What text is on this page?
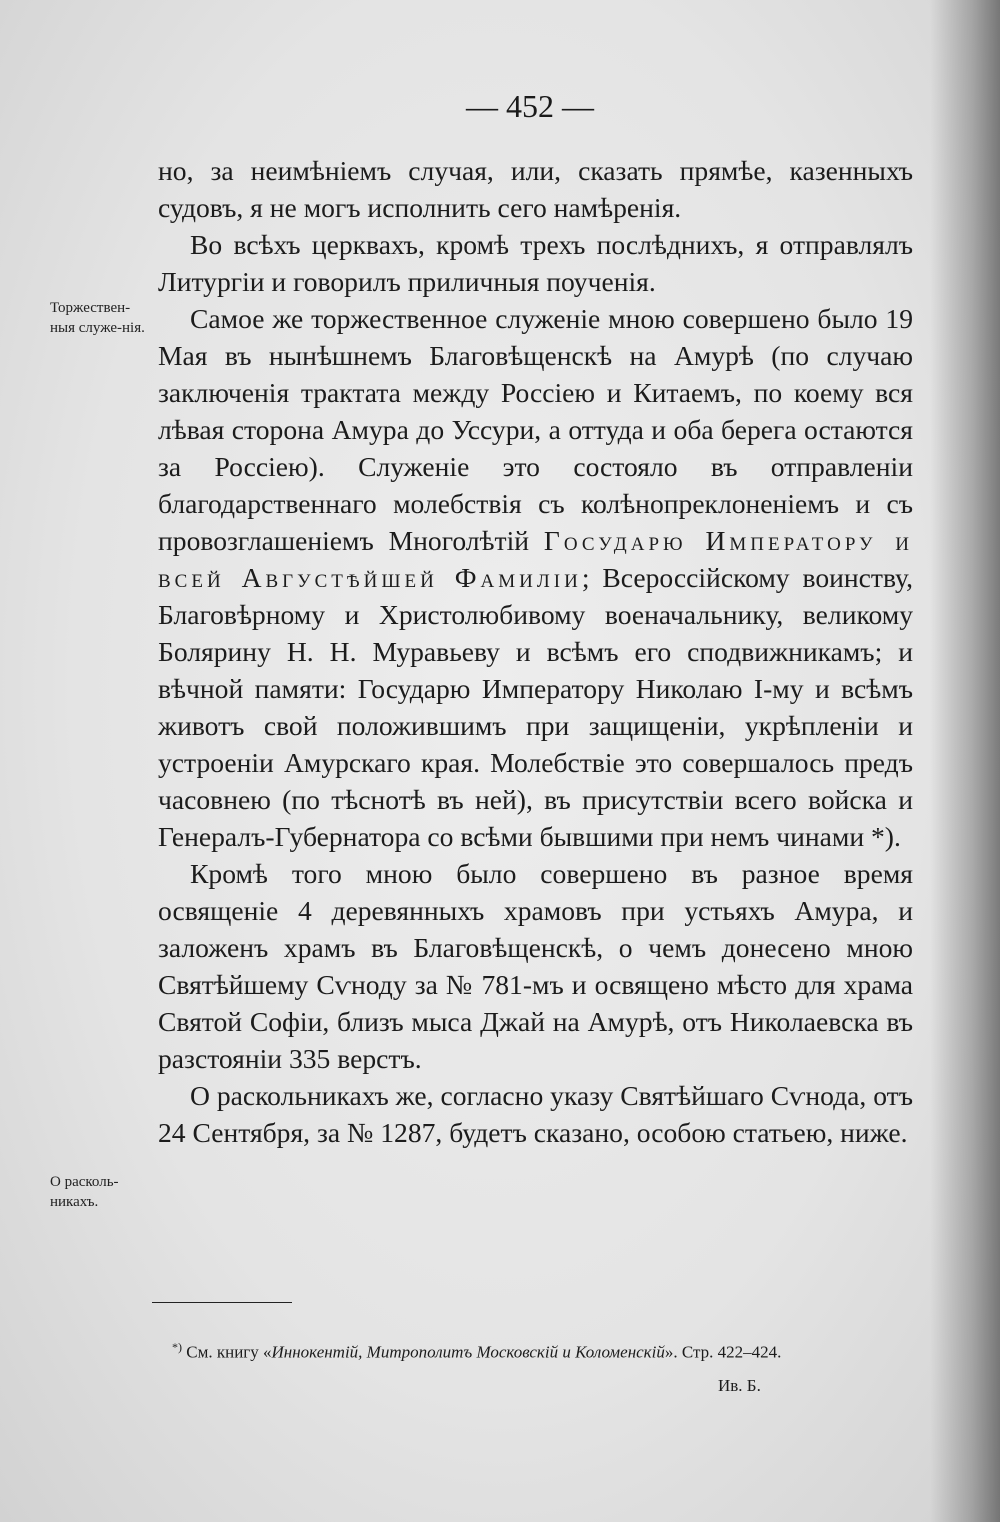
— 452 —
Торжествен-ныя служе-нія.
О расколь-никахъ.

но, за неимѣніемъ случая, или, сказать прямѣе, казенныхъ судовъ, я не могъ исполнить сего намѣренія.

Во всѣхъ церквахъ, кромѣ трехъ послѣднихъ, я отправлялъ Литургіи и говорилъ приличныя поученія.

Самое же торжественное служеніе мною совершено было 19 Мая въ нынѣшнемъ Благовѣщенскѣ на Амурѣ (по случаю заключенія трактата между Россіею и Китаемъ, по коему вся лѣвая сторона Амура до Уссури, а оттуда и оба берега остаются за Россіею). Служеніе это состояло въ отправленіи благодарственнаго молебствія съ колѣнопреклоненіемъ и съ провозглашеніемъ Многолѣтій Государю Императору и всей Августѣйшей Фамиліи; Всероссійскому воинству, Благовѣрному и Христолюбивому военачальнику, великому Болярину Н. Н. Муравьеву и всѣмъ его сподвижникамъ; и вѣчной памяти: Государю Императору Николаю I-му и всѣмъ животъ свой положившимъ при защищеніи, укрѣпленіи и устроеніи Амурскаго края. Молебствіе это совершалось предъ часовнею (по тѣснотѣ въ ней), въ присутствіи всего войска и Генералъ-Губернатора со всѣми бывшими при немъ чинами *).

Кромѣ того мною было совершено въ разное время освященіе 4 деревянныхъ храмовъ при устьяхъ Амура, и заложенъ храмъ въ Благовѣщенскѣ, о чемъ донесено мною Святѣйшему Сѵноду за № 781-мъ и освящено мѣсто для храма Святой Софіи, близъ мыса Джай на Амурѣ, отъ Николаевска въ разстояніи 335 верстъ.

О раскольникахъ же, согласно указу Святѣйшаго Сѵнода, отъ 24 Сентября, за № 1287, будетъ сказано, особою статьею, ниже.

*) См. книгу «Иннокентій, Митрополитъ Московскій и Коломенскій». Стр. 422–424.
Ив. Б.
